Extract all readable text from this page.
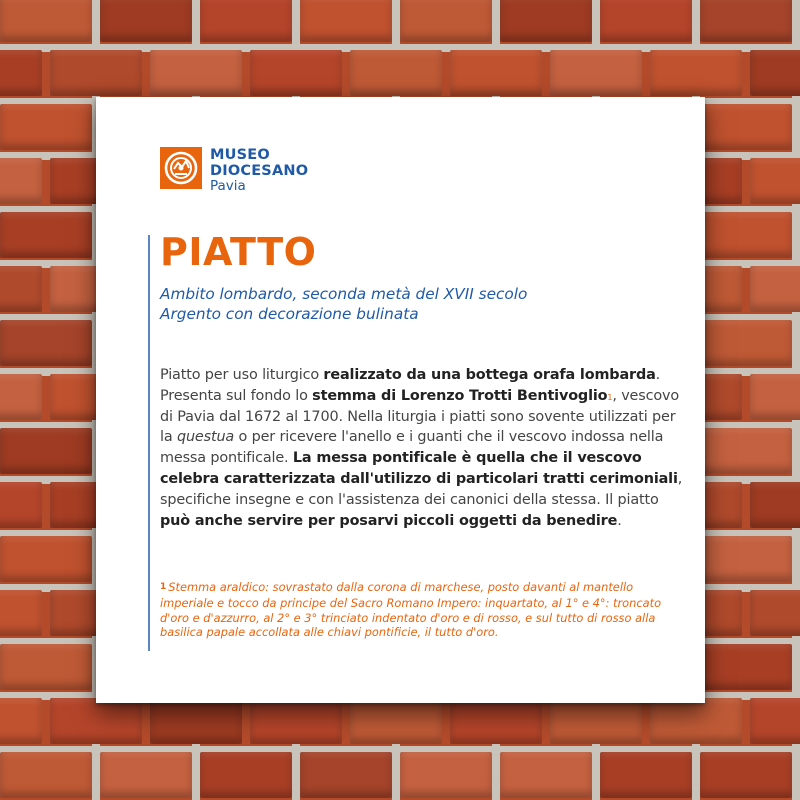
MUSEO
DIOCESANO
Pavia
PIATTO
Ambito lombardo, seconda metà del XVII secolo
Argento con decorazione bulinata
Piatto per uso liturgico realizzato da una bottega orafa lombarda. Presenta sul fondo lo stemma di Lorenzo Trotti Bentivoglio$^1$, vescovo di Pavia dal 1672 al 1700. Nella liturgia i piatti sono sovente utilizzati per la questua o per ricevere l'anello e i guanti che il vescovo indossa nella messa pontificale. La messa pontificale è quella che il vescovo celebra caratterizzata dall'utilizzo di particolari tratti cerimoniali, specifiche insegne e con l'assistenza dei canonici della stessa. Il piatto può anche servire per posarvi piccoli oggetti da benedire.
1 Stemma araldico: sovrastato dalla corona di marchese, posto davanti al mantello imperiale e tocco da principe del Sacro Romano Impero: inquartato, al 1° e 4°: troncato d'oro e d'azzurro, al 2° e 3° trinciato indentato d'oro e di rosso, e sul tutto di rosso alla basilica papale accollata alle chiavi pontificie, il tutto d'oro.
